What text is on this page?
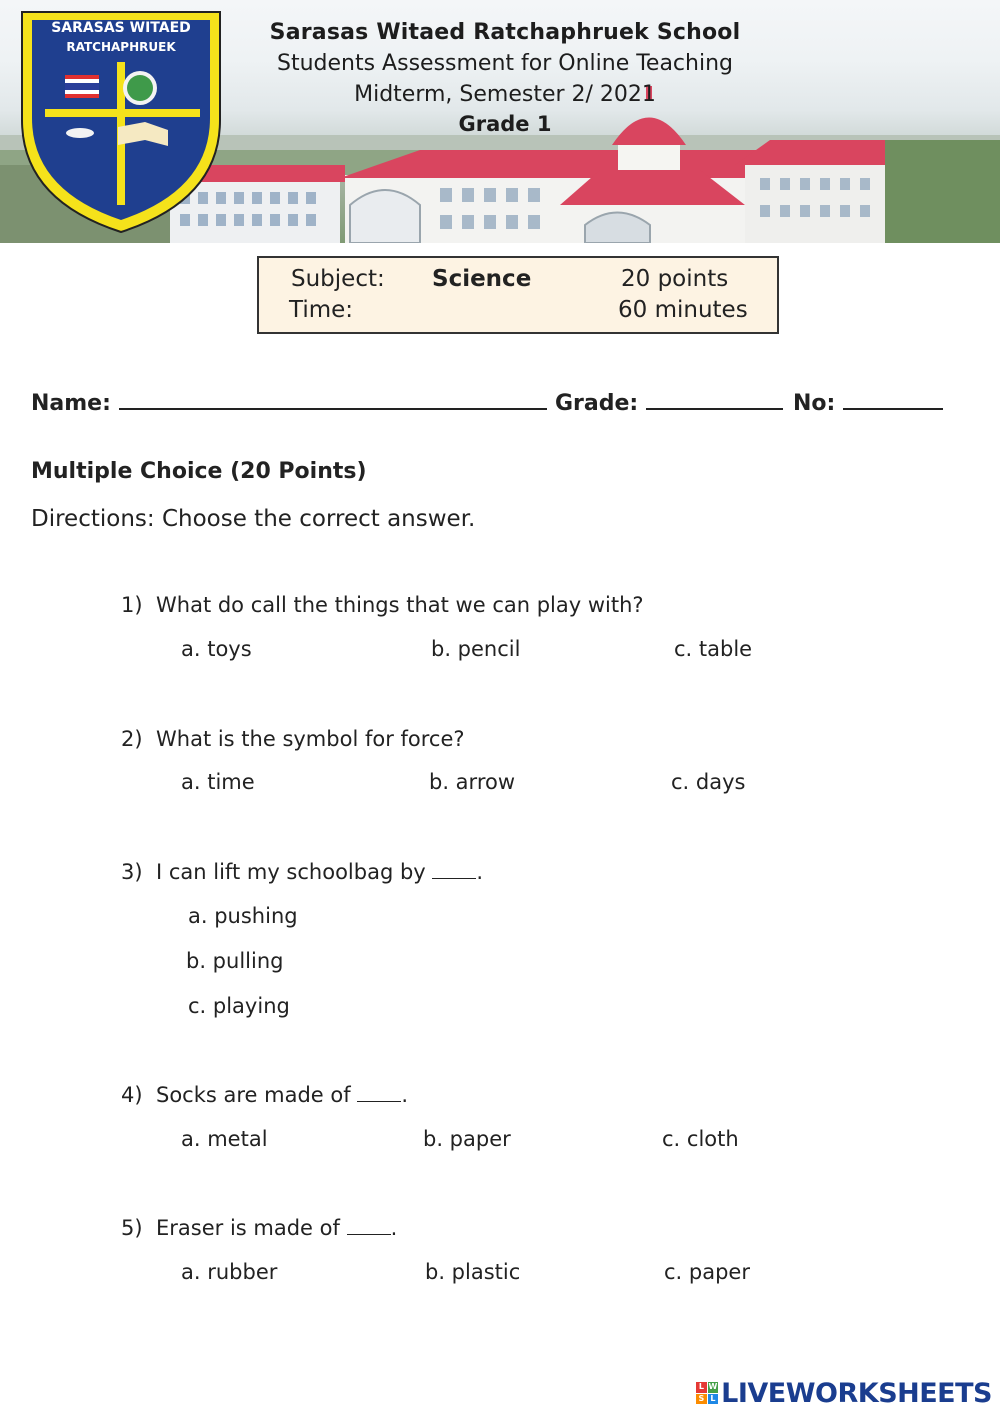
SARASAS WITAED
RATCHAPHRUEK
Sarasas Witaed Ratchaphruek School
Students Assessment for Online Teaching
Midterm, Semester 2/ 2021
Grade 1
Subject: Science	20 points
Time:	60 minutes
Name:	Grade:	No:
Multiple Choice (20 Points)
Directions: Choose the correct answer.
1) What do call the things that we can play with?
a. toys	b. pencil	c. table
2) What is the symbol for force?
a. time	b. arrow	c. days
3) I can lift my schoolbag by .
a. pushing
b. pulling
c. playing
4) Socks are made of .
a. metal	b. paper	c. cloth
5) Eraser is made of .
a. rubber	b. plastic	c. paper
L W
S L LIVEWORKSHEETS
